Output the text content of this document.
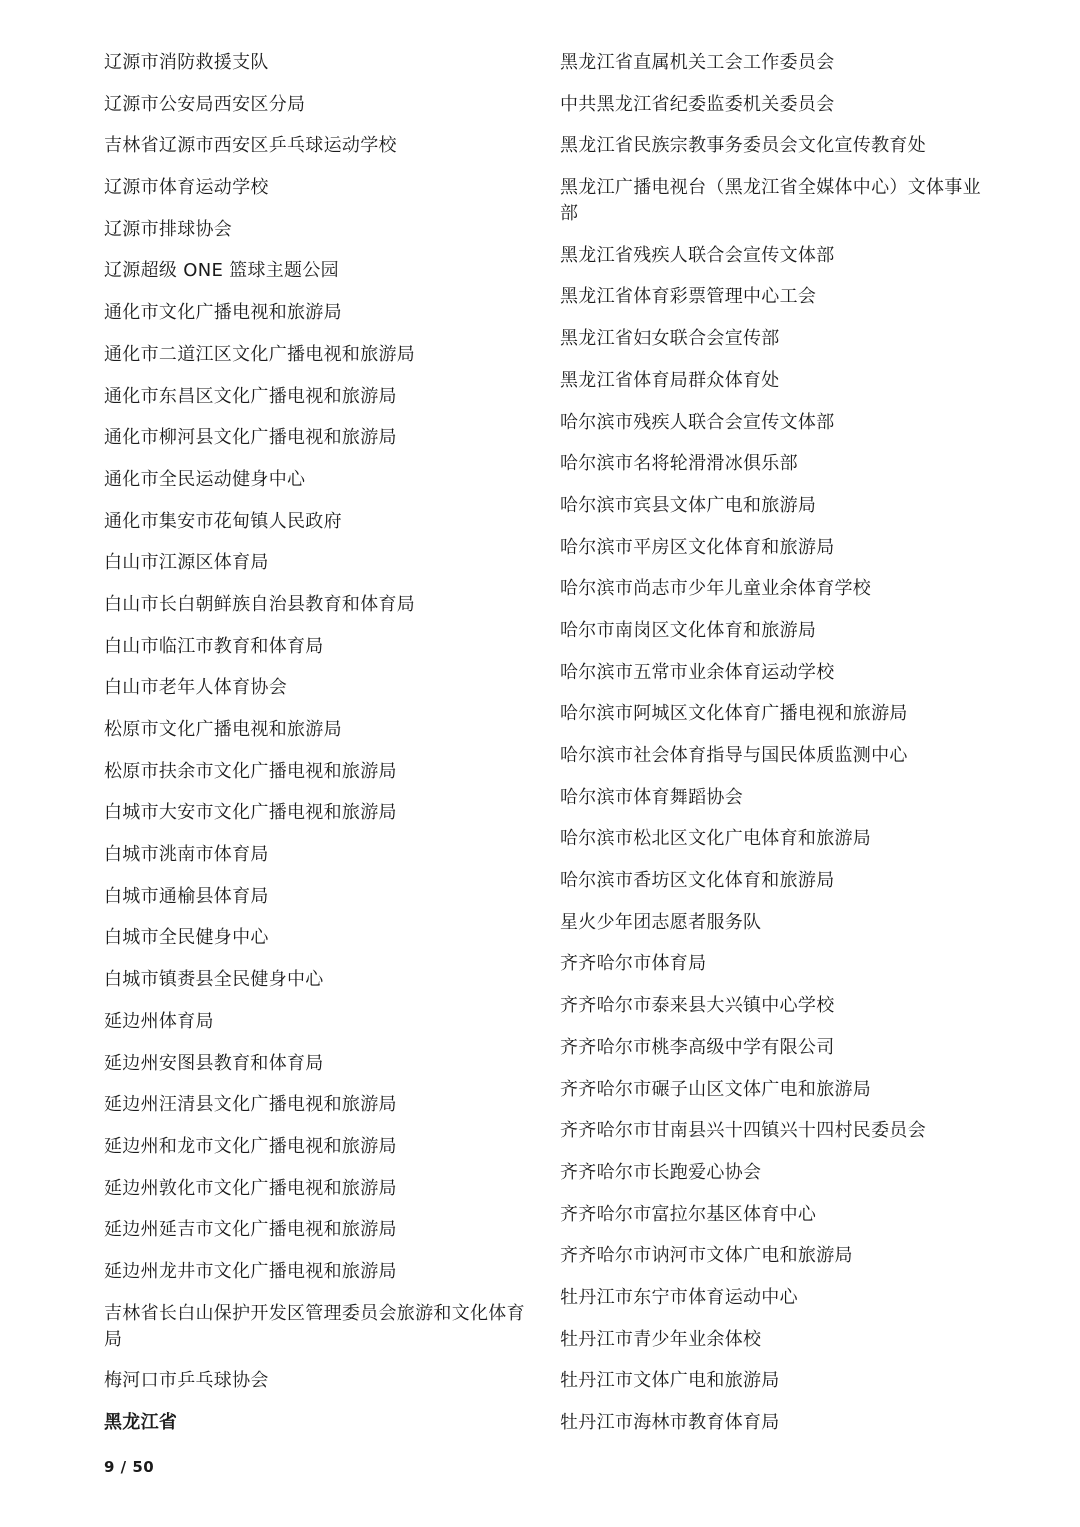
辽源市消防救援支队
辽源市公安局西安区分局
吉林省辽源市西安区乒乓球运动学校
辽源市体育运动学校
辽源市排球协会
辽源超级 ONE 篮球主题公园
通化市文化广播电视和旅游局
通化市二道江区文化广播电视和旅游局
通化市东昌区文化广播电视和旅游局
通化市柳河县文化广播电视和旅游局
通化市全民运动健身中心
通化市集安市花甸镇人民政府
白山市江源区体育局
白山市长白朝鲜族自治县教育和体育局
白山市临江市教育和体育局
白山市老年人体育协会
松原市文化广播电视和旅游局
松原市扶余市文化广播电视和旅游局
白城市大安市文化广播电视和旅游局
白城市洮南市体育局
白城市通榆县体育局
白城市全民健身中心
白城市镇赉县全民健身中心
延边州体育局
延边州安图县教育和体育局
延边州汪清县文化广播电视和旅游局
延边州和龙市文化广播电视和旅游局
延边州敦化市文化广播电视和旅游局
延边州延吉市文化广播电视和旅游局
延边州龙井市文化广播电视和旅游局
吉林省长白山保护开发区管理委员会旅游和文化体育局
梅河口市乒乓球协会
黑龙江省
黑龙江省直属机关工会工作委员会
中共黑龙江省纪委监委机关委员会
黑龙江省民族宗教事务委员会文化宣传教育处
黑龙江广播电视台（黑龙江省全媒体中心）文体事业部
黑龙江省残疾人联合会宣传文体部
黑龙江省体育彩票管理中心工会
黑龙江省妇女联合会宣传部
黑龙江省体育局群众体育处
哈尔滨市残疾人联合会宣传文体部
哈尔滨市名将轮滑滑冰俱乐部
哈尔滨市宾县文体广电和旅游局
哈尔滨市平房区文化体育和旅游局
哈尔滨市尚志市少年儿童业余体育学校
哈尔市南岗区文化体育和旅游局
哈尔滨市五常市业余体育运动学校
哈尔滨市阿城区文化体育广播电视和旅游局
哈尔滨市社会体育指导与国民体质监测中心
哈尔滨市体育舞蹈协会
哈尔滨市松北区文化广电体育和旅游局
哈尔滨市香坊区文化体育和旅游局
星火少年团志愿者服务队
齐齐哈尔市体育局
齐齐哈尔市泰来县大兴镇中心学校
齐齐哈尔市桃李高级中学有限公司
齐齐哈尔市碾子山区文体广电和旅游局
齐齐哈尔市甘南县兴十四镇兴十四村民委员会
齐齐哈尔市长跑爱心协会
齐齐哈尔市富拉尔基区体育中心
齐齐哈尔市讷河市文体广电和旅游局
牡丹江市东宁市体育运动中心
牡丹江市青少年业余体校
牡丹江市文体广电和旅游局
牡丹江市海林市教育体育局
9 / 50
